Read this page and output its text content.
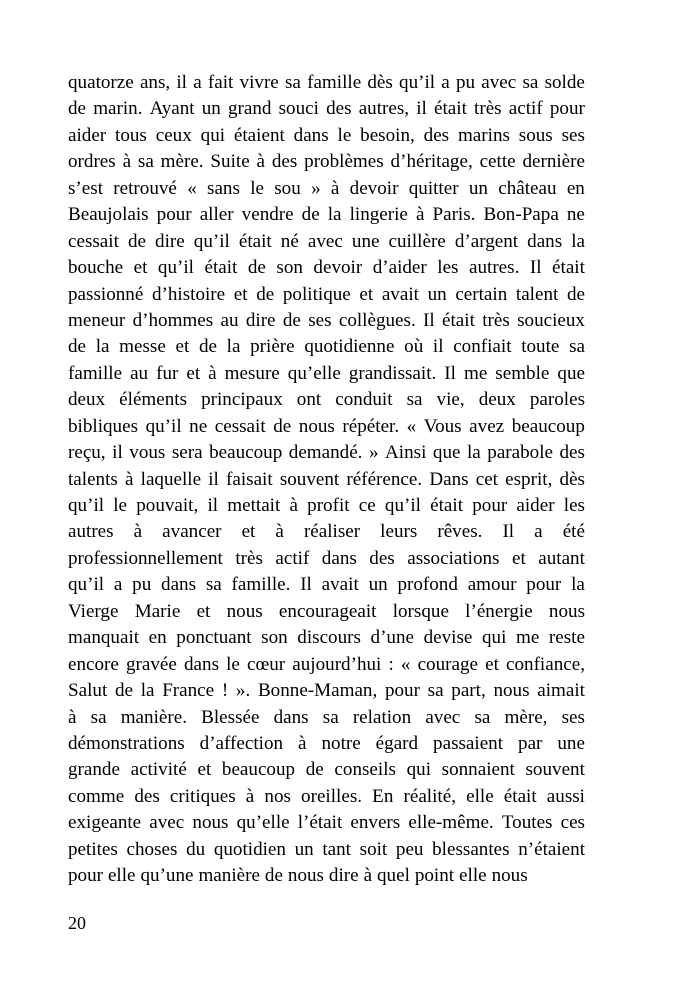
quatorze ans, il a fait vivre sa famille dès qu’il a pu avec sa solde
de marin. Ayant un grand souci des autres, il était très actif pour
aider tous ceux qui étaient dans le besoin, des marins sous ses
ordres à sa mère. Suite à des problèmes d’héritage, cette dernière
s’est retrouvé « sans le sou » à devoir quitter un château en
Beaujolais pour aller vendre de la lingerie à Paris. Bon-Papa ne
cessait de dire qu’il était né avec une cuillère d’argent dans la
bouche et qu’il était de son devoir d’aider les autres. Il était
passionné d’histoire et de politique et avait un certain talent de
meneur d’hommes au dire de ses collègues. Il était très soucieux
de la messe et de la prière quotidienne où il confiait toute sa
famille au fur et à mesure qu’elle grandissait. Il me semble que
deux éléments principaux ont conduit sa vie, deux paroles
bibliques qu’il ne cessait de nous répéter. « Vous avez beaucoup
reçu, il vous sera beaucoup demandé. » Ainsi que la parabole des
talents à laquelle il faisait souvent référence. Dans cet esprit, dès
qu’il le pouvait, il mettait à profit ce qu’il était pour aider les
autres à avancer et à réaliser leurs rêves. Il a été
professionnellement très actif dans des associations et autant
qu’il a pu dans sa famille. Il avait un profond amour pour la
Vierge Marie et nous encourageait lorsque l’énergie nous
manquait en ponctuant son discours d’une devise qui me reste
encore gravée dans le cœur aujourd’hui : « courage et confiance,
Salut de la France ! ». Bonne-Maman, pour sa part, nous aimait
à sa manière. Blessée dans sa relation avec sa mère, ses
démonstrations d’affection à notre égard passaient par une
grande activité et beaucoup de conseils qui sonnaient souvent
comme des critiques à nos oreilles. En réalité, elle était aussi
exigeante avec nous qu’elle l’était envers elle-même. Toutes ces
petites choses du quotidien un tant soit peu blessantes n’étaient
pour elle qu’une manière de nous dire à quel point elle nous
20
